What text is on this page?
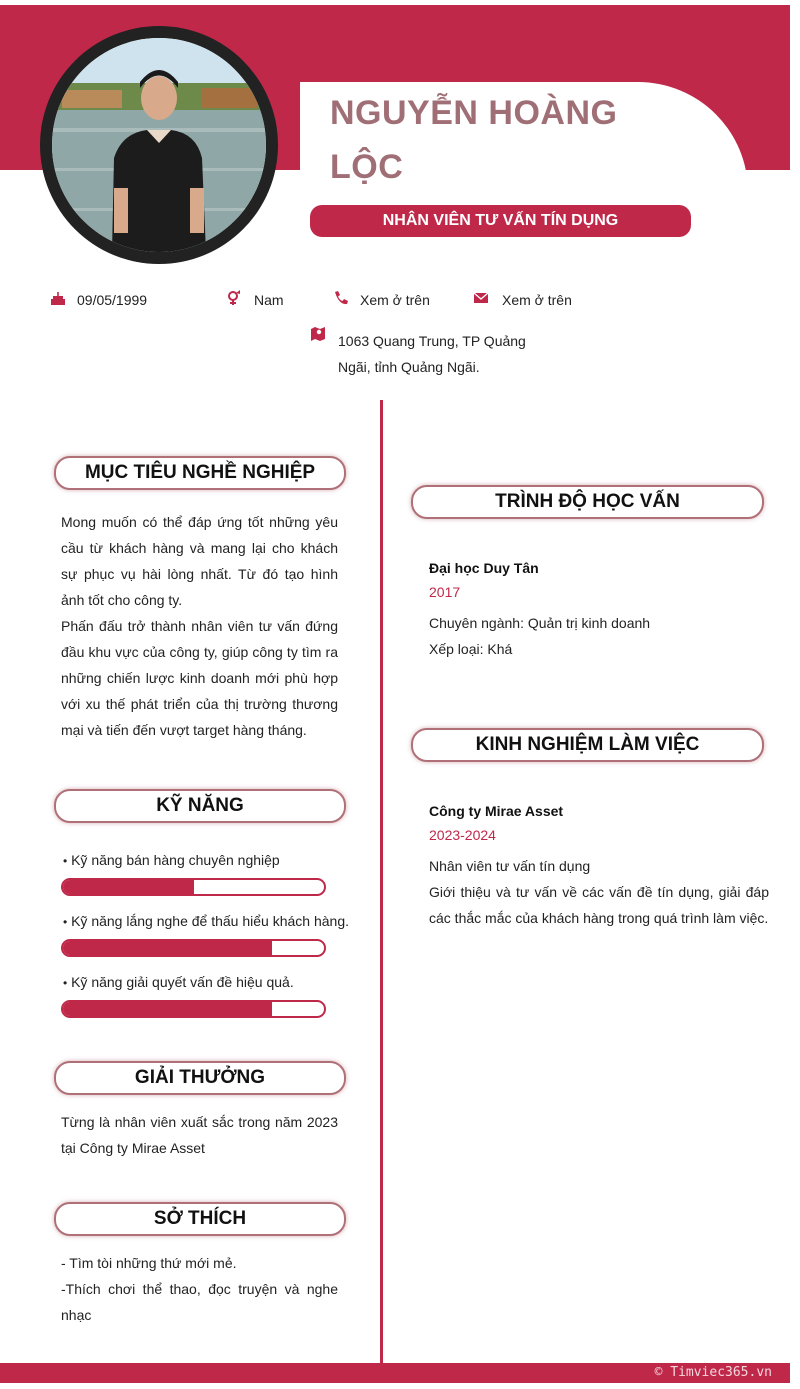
NGUYỄN HOÀNG LỘC
NHÂN VIÊN TƯ VẤN TÍN DỤNG
09/05/1999	Nam	Xem ở trên	Xem ở trên
1063 Quang Trung, TP Quảng
Ngãi, tỉnh Quảng Ngãi.
MỤC TIÊU NGHỀ NGHIỆP
Mong muốn có thể đáp ứng tốt những yêu cầu từ khách hàng và mang lại cho khách sự phục vụ hài lòng nhất. Từ đó tạo hình ảnh tốt cho công ty.
Phấn đấu trở thành nhân viên tư vấn đứng đầu khu vực của công ty, giúp công ty tìm ra những chiến lược kinh doanh mới phù hợp với xu thế phát triển của thị trường thương mại và tiến đến vượt target hàng tháng.
KỸ NĂNG
• Kỹ năng bán hàng chuyên nghiệp
• Kỹ năng lắng nghe để thấu hiểu khách hàng.
• Kỹ năng giải quyết vấn đề hiệu quả.
GIẢI THƯỞNG
Từng là nhân viên xuất sắc trong năm 2023 tại Công ty Mirae Asset
SỞ THÍCH
- Tìm tòi những thứ mới mẻ.
-Thích chơi thể thao, đọc truyện và nghe nhạc
TRÌNH ĐỘ HỌC VẤN
Đại học Duy Tân
2017
Chuyên ngành: Quản trị kinh doanh
Xếp loại: Khá
KINH NGHIỆM LÀM VIỆC
Công ty Mirae Asset
2023-2024
Nhân viên tư vấn tín dụng
Giới thiệu và tư vấn về các vấn đề tín dụng, giải đáp các thắc mắc của khách hàng trong quá trình làm việc.
© Timviec365.vn
